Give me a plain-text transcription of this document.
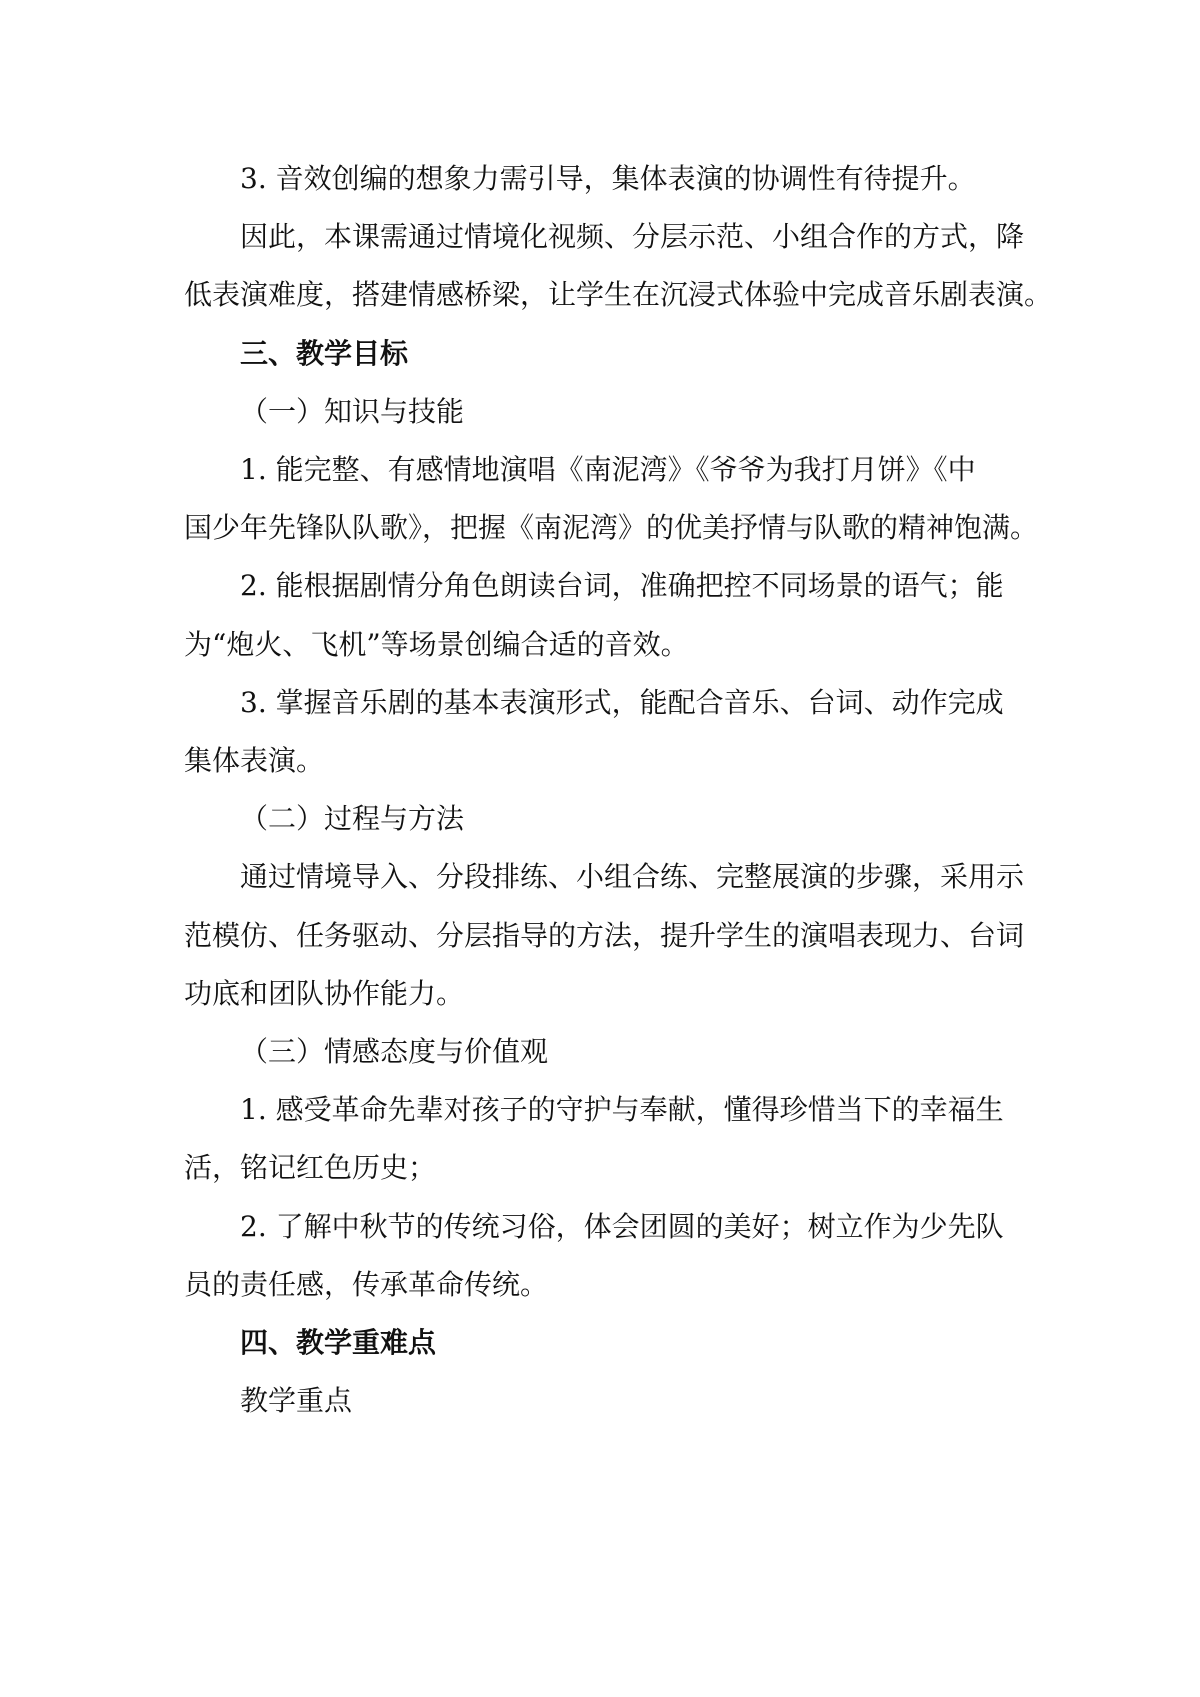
3. 音效创编的想象力需引导，集体表演的协调性有待提升。

因此，本课需通过情境化视频、分层示范、小组合作的方式，降

低表演难度，搭建情感桥梁，让学生在沉浸式体验中完成音乐剧表演。

三、教学目标

（一）知识与技能

1. 能完整、有感情地演唱《南泥湾》《爷爷为我打月饼》《中

国少年先锋队队歌》，把握《南泥湾》的优美抒情与队歌的精神饱满。

2. 能根据剧情分角色朗读台词，准确把控不同场景的语气；能

为“炮火、飞机”等场景创编合适的音效。

3. 掌握音乐剧的基本表演形式，能配合音乐、台词、动作完成

集体表演。

（二）过程与方法

通过情境导入、分段排练、小组合练、完整展演的步骤，采用示

范模仿、任务驱动、分层指导的方法，提升学生的演唱表现力、台词

功底和团队协作能力。

（三）情感态度与价值观

1. 感受革命先辈对孩子的守护与奉献，懂得珍惜当下的幸福生

活，铭记红色历史；

2. 了解中秋节的传统习俗，体会团圆的美好；树立作为少先队

员的责任感，传承革命传统。

四、教学重难点

教学重点
